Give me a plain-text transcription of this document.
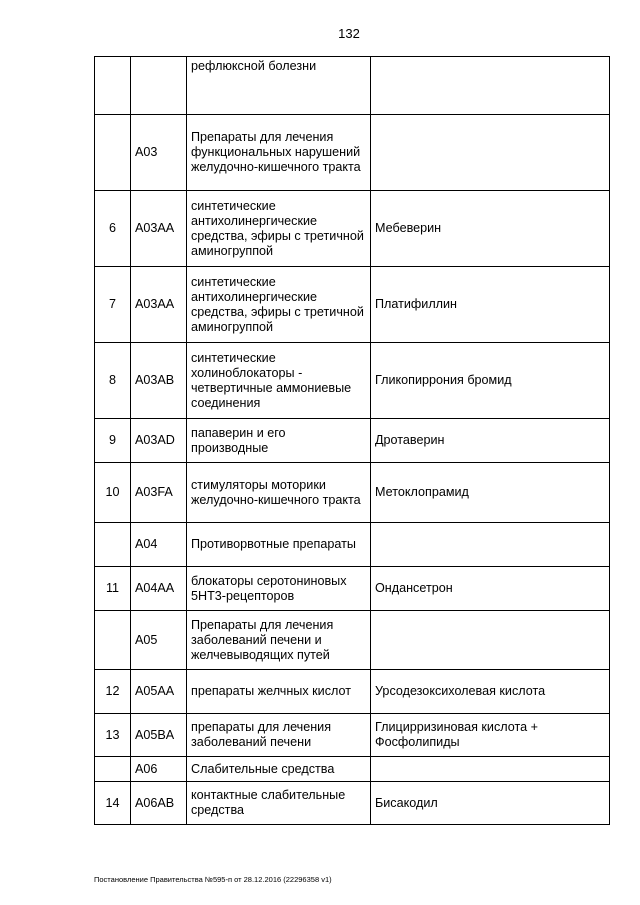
132
		рефлюксной болезни	
	A03	Препараты для лечения функциональных нарушений желудочно-кишечного тракта	
6	A03AA	синтетические антихолинергические средства, эфиры с третичной аминогруппой	Мебеверин
7	A03AA	синтетические антихолинергические средства, эфиры с третичной аминогруппой	Платифиллин
8	A03AB	синтетические холиноблокаторы - четвертичные аммониевые соединения	Гликопиррония бромид
9	A03AD	папаверин и его производные	Дротаверин
10	A03FA	стимуляторы моторики желудочно-кишечного тракта	Метоклопрамид
	A04	Противорвотные препараты	
11	A04AA	блокаторы серотониновых 5НТ3-рецепторов	Ондансетрон
	A05	Препараты для лечения заболеваний печени и желчевыводящих путей	
12	A05AA	препараты желчных кислот	Урсодезоксихолевая кислота
13	A05BA	препараты для лечения заболеваний печени	Глицирризиновая кислота + Фосфолипиды
	A06	Слабительные средства	
14	A06AB	контактные слабительные средства	Бисакодил
Постановление Правительства №595-п от 28.12.2016 (22296358 v1)
